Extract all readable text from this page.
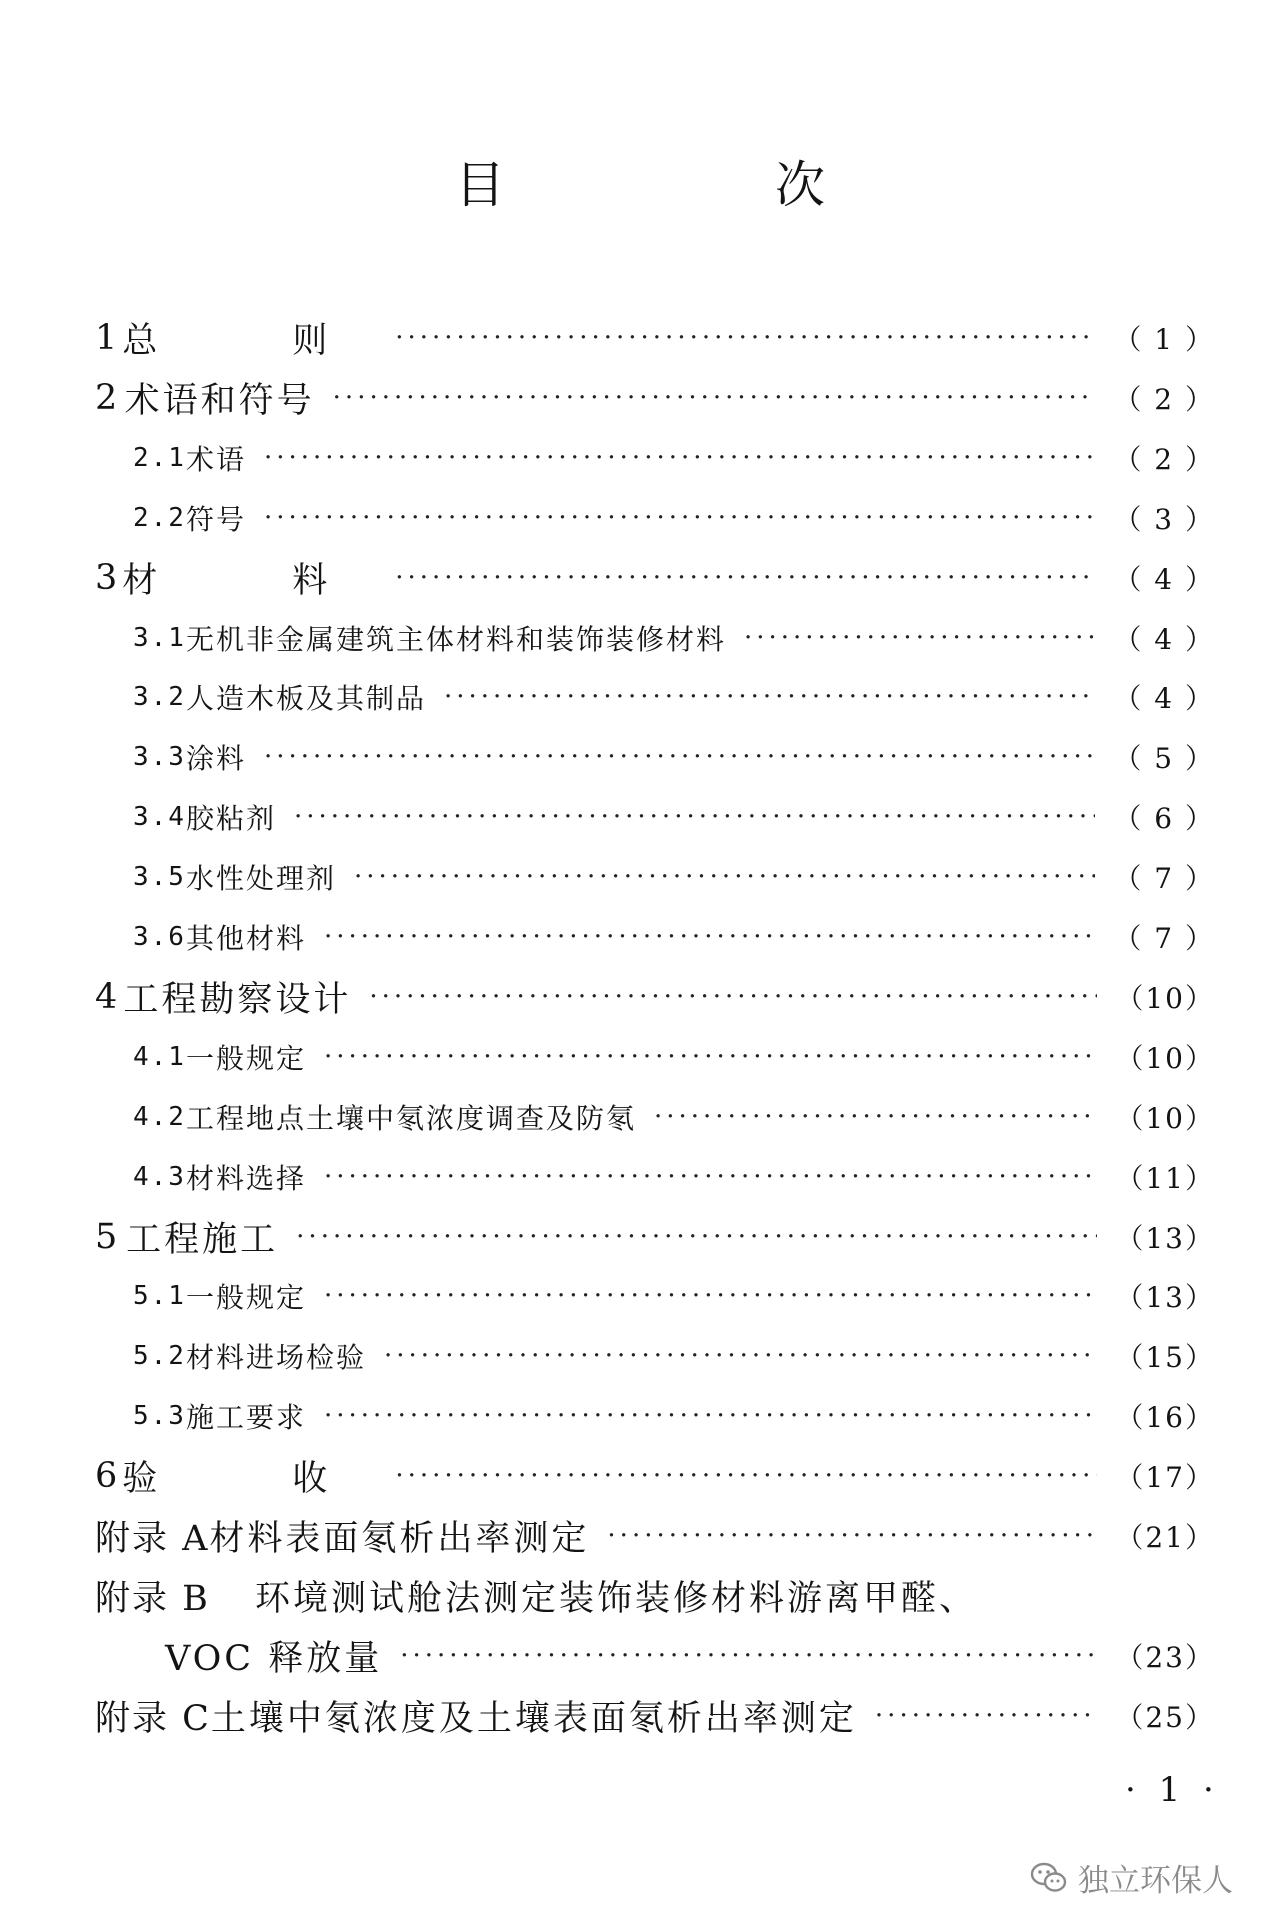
目　次
1 总　则 ·····	（ 1 ）
2 术语和符号 ·····	（ 2 ）
2.1 术语 ·····	（ 2 ）
2.2 符号 ·····	（ 3 ）
3 材　料 ·····	（ 4 ）
3.1 无机非金属建筑主体材料和装饰装修材料 ·····	（ 4 ）
3.2 人造木板及其制品 ·····	（ 4 ）
3.3 涂料 ·····	（ 5 ）
3.4 胶粘剂 ·····	（ 6 ）
3.5 水性处理剂 ·····	（ 7 ）
3.6 其他材料 ·····	（ 7 ）
4 工程勘察设计 ·····	（10）
4.1 一般规定 ·····	（10）
4.2 工程地点土壤中氡浓度调查及防氡 ·····	（10）
4.3 材料选择 ·····	（11）
5 工程施工 ·····	（13）
5.1 一般规定 ·····	（13）
5.2 材料进场检验 ·····	（15）
5.3 施工要求 ·····	（16）
6 验　收 ·····	（17）
附录 A 材料表面氡析出率测定 ·····	（21）
附录 B	环境测试舱法测定装饰装修材料游离甲醛、
VOC 释放量 ·····	（23）
附录 C 土壤中氡浓度及土壤表面氡析出率测定 ·····	（25）
· 1 ·
独立环保人
